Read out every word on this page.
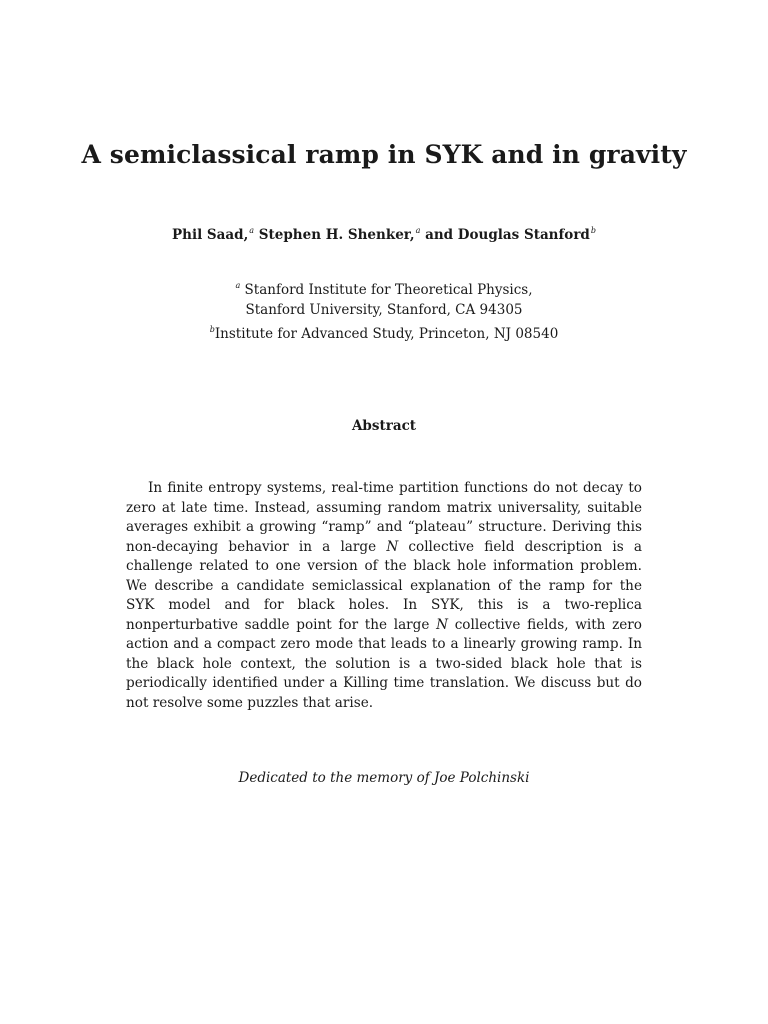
A semiclassical ramp in SYK and in gravity
Phil Saad,$^a$ Stephen H. Shenker,$^a$ and Douglas Stanford$^b$
$^a$ Stanford Institute for Theoretical Physics,
Stanford University, Stanford, CA 94305
$^b$Institute for Advanced Study, Princeton, NJ 08540
Abstract

In finite entropy systems, real-time partition functions do not decay to zero at late time. Instead, assuming random matrix universality, suitable averages exhibit a growing “ramp” and “plateau” structure. Deriving this non-decaying behavior in a large N collective field description is a challenge related to one version of the black hole information problem. We describe a candidate semiclassical explanation of the ramp for the SYK model and for black holes. In SYK, this is a two-replica nonperturbative saddle point for the large N collective fields, with zero action and a compact zero mode that leads to a linearly growing ramp. In the black hole context, the solution is a two-sided black hole that is periodically identified under a Killing time translation. We discuss but do not resolve some puzzles that arise.

Dedicated to the memory of Joe Polchinski
